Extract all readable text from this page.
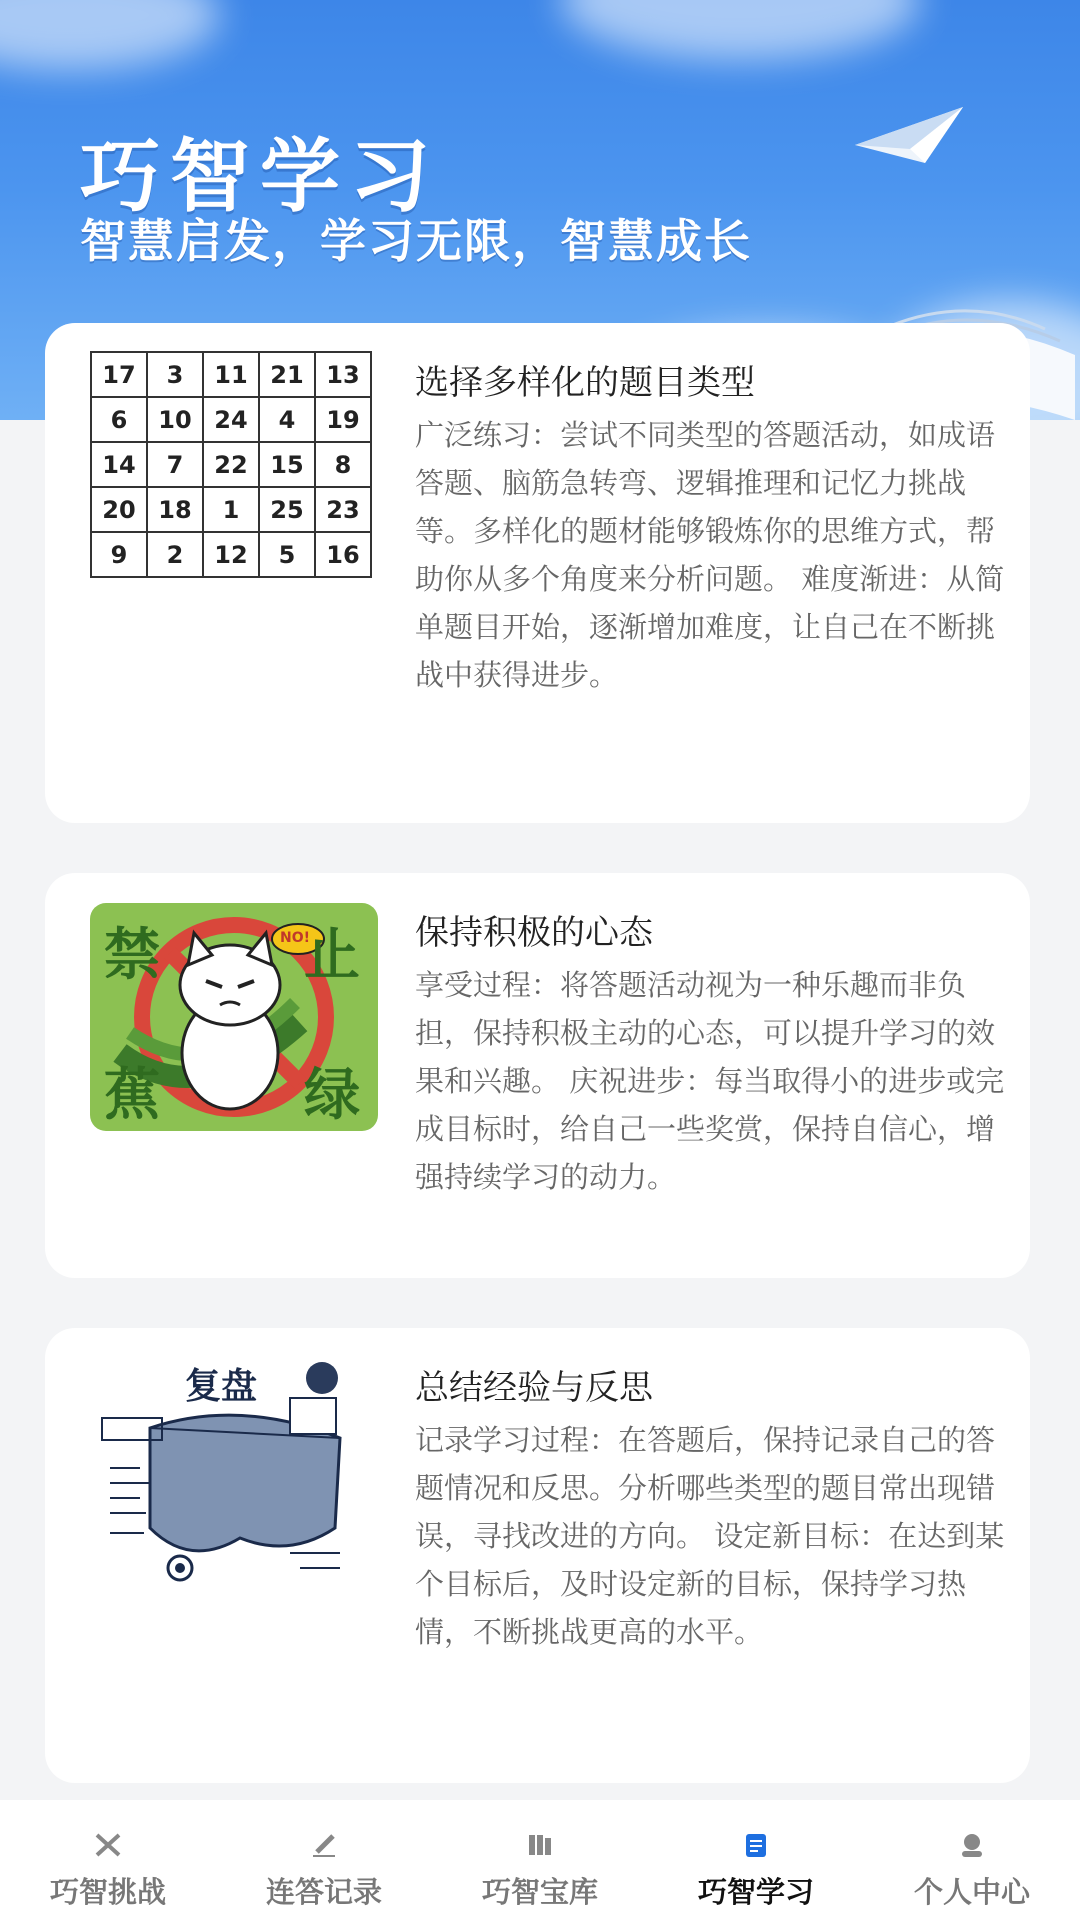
巧智学习
智慧启发，学习无限，智慧成长
17	3	11	21	13
6	10	24	4	19
14	7	22	15	8
20	18	1	25	23
9	2	12	5	16
选择多样化的题目类型
广泛练习：尝试不同类型的答题活动，如成语答题、脑筋急转弯、逻辑推理和记忆力挑战等。多样化的题材能够锻炼你的思维方式，帮助你从多个角度来分析问题。 难度渐进：从简单题目开始，逐渐增加难度，让自己在不断挑战中获得进步。
禁	止
蕉	绿
NO!	保持积极的心态
享受过程：将答题活动视为一种乐趣而非负担，保持积极主动的心态，可以提升学习的效果和兴趣。 庆祝进步：每当取得小的进步或完成目标时，给自己一些奖赏，保持自信心，增强持续学习的动力。
复盘	总结经验与反思
记录学习过程：在答题后，保持记录自己的答题情况和反思。分析哪些类型的题目常出现错误，寻找改进的方向。 设定新目标：在达到某个目标后，及时设定新的目标，保持学习热情，不断挑战更高的水平。
巧智挑战	连答记录	巧智宝库	巧智学习	个人中心
